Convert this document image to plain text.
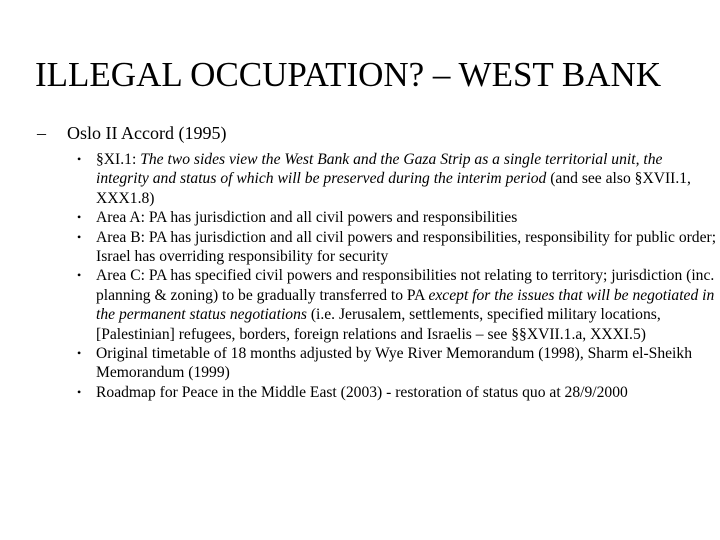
ILLEGAL OCCUPATION? – WEST BANK
– Oslo II Accord (1995)
• §XI.1: The two sides view the West Bank and the Gaza Strip as a single territorial unit, the integrity and status of which will be preserved during the interim period (and see also §XVII.1, XXX1.8)
• Area A: PA has jurisdiction and all civil powers and responsibilities
• Area B: PA has jurisdiction and all civil powers and responsibilities, responsibility for public order; Israel has overriding responsibility for security
• Area C: PA has specified civil powers and responsibilities not relating to territory; jurisdiction (inc. planning & zoning) to be gradually transferred to PA except for the issues that will be negotiated in the permanent status negotiations (i.e. Jerusalem, settlements, specified military locations, [Palestinian] refugees, borders, foreign relations and Israelis – see §§XVII.1.a, XXXI.5)
• Original timetable of 18 months adjusted by Wye River Memorandum (1998), Sharm el-Sheikh Memorandum (1999)
• Roadmap for Peace in the Middle East (2003) - restoration of status quo at 28/9/2000
